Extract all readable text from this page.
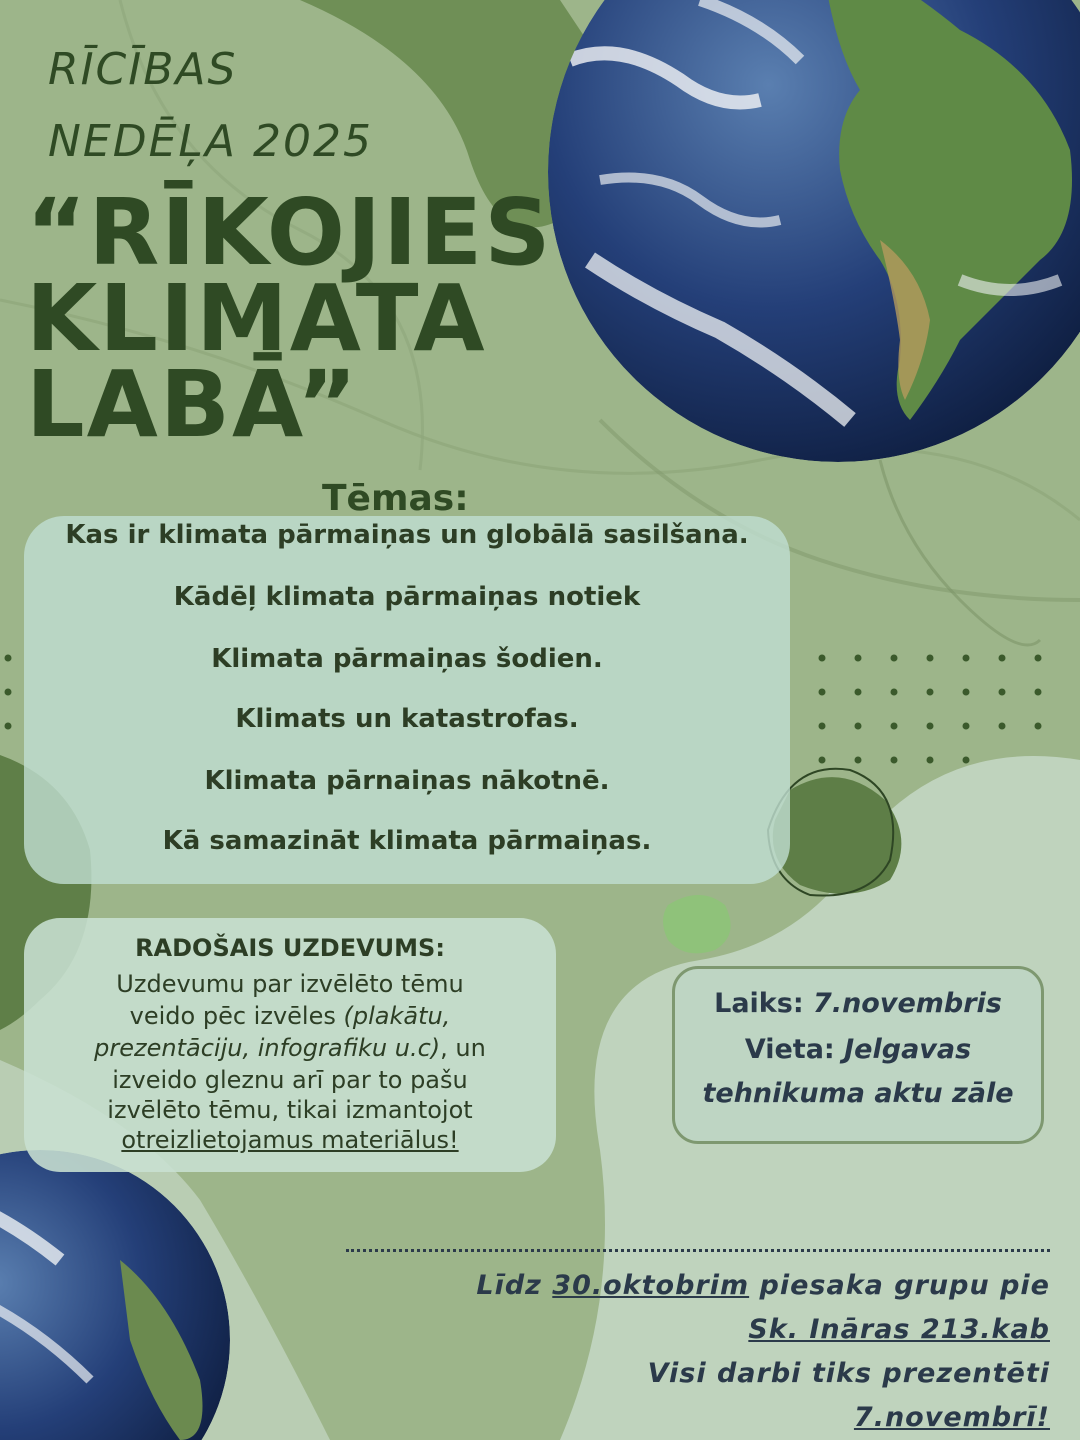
RĪCĪBAS
NEDĒĻA 2025
“RĪKOJIES
KLIMATA
LABĀ”
Tēmas:
Kas ir klimata pārmaiņas un globālā sasilšana.
Kādēļ klimata pārmaiņas notiek
Klimata pārmaiņas šodien.
Klimats un katastrofas.
Klimata pārnaiņas nākotnē.
Kā samazināt klimata pārmaiņas.
RADOŠAIS UZDEVUMS:
Uzdevumu par izvēlēto tēmu
veido pēc izvēles (plakātu,
prezentāciju, infografiku u.c), un
izveido gleznu arī par to pašu
izvēlēto tēmu, tikai izmantojot
otreizlietojamus materiālus!
Laiks: 7.novembris
Vieta: Jelgavas
tehnikuma aktu zāle
Līdz 30.oktobrim piesaka grupu pie
Sk. Ināras 213.kab
Visi darbi tiks prezentēti
7.novembrī!
